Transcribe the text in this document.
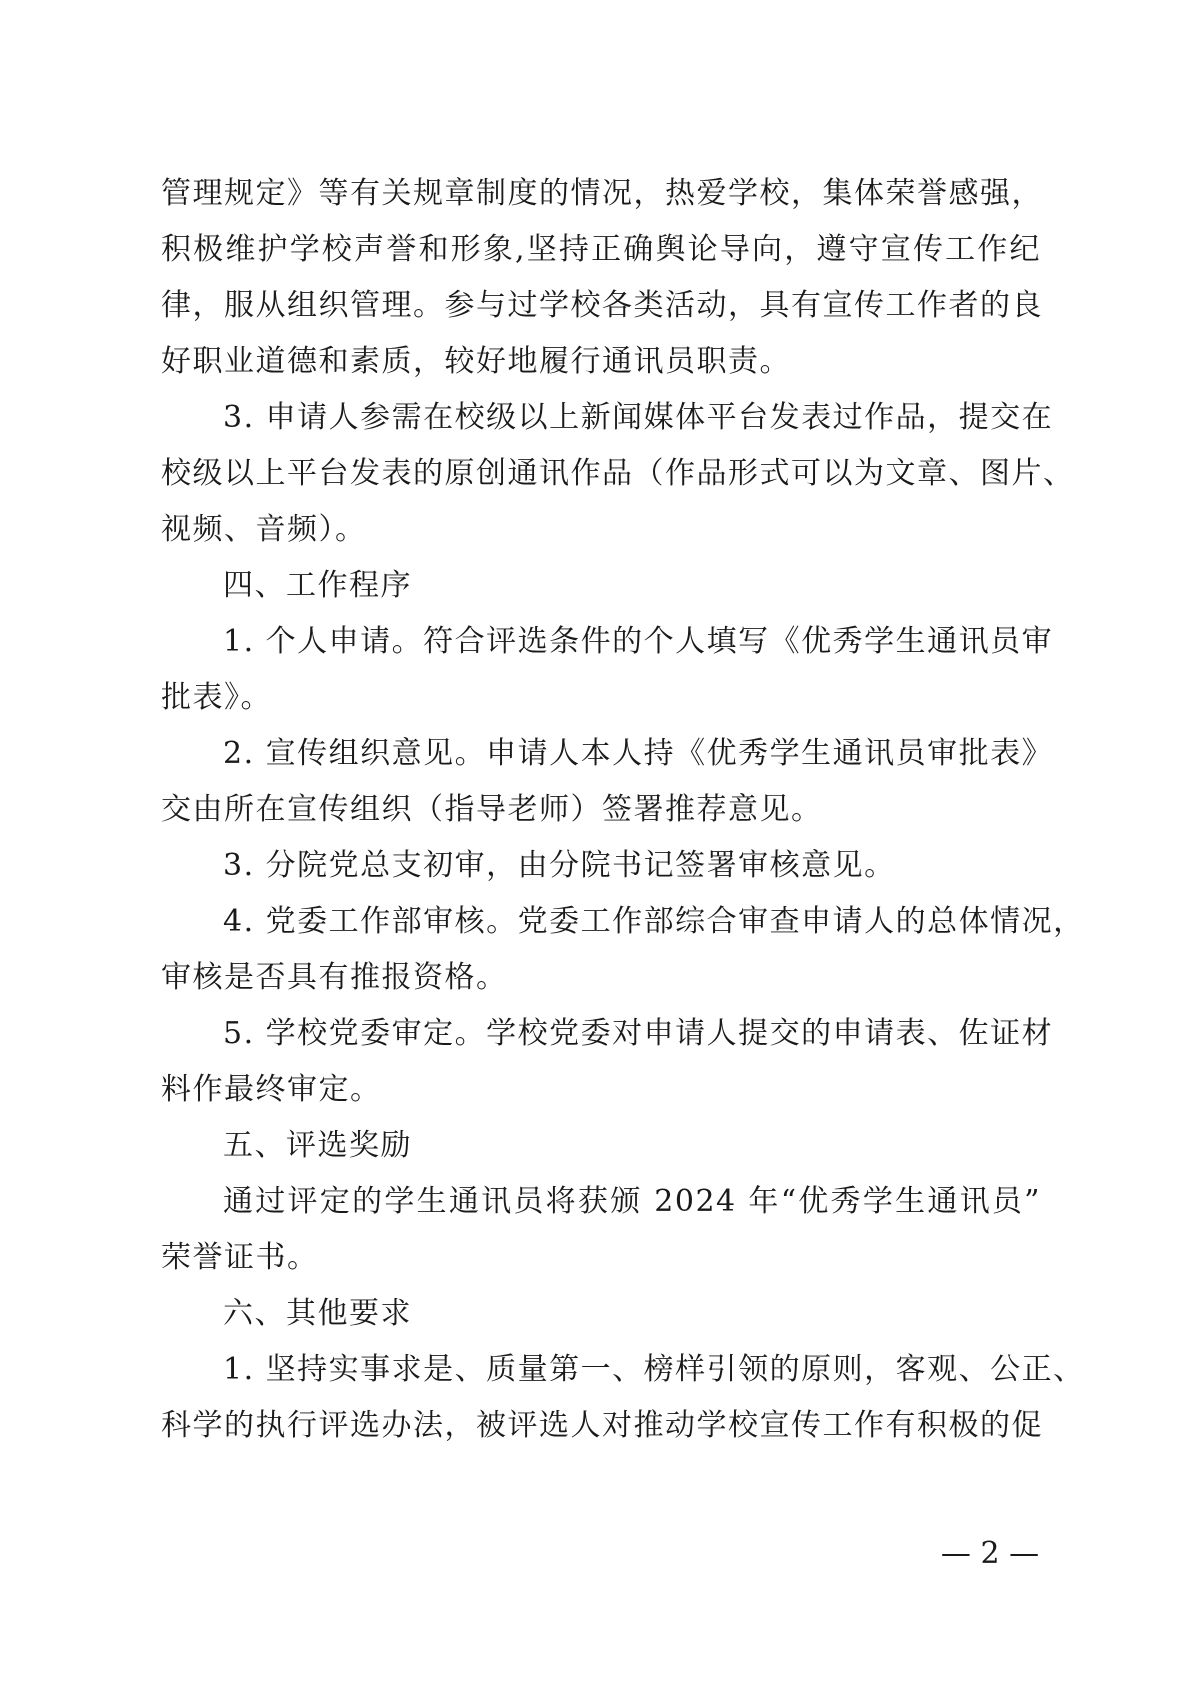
管理规定》等有关规章制度的情况，热爱学校，集体荣誉感强，
积极维护学校声誉和形象,坚持正确舆论导向，遵守宣传工作纪
律，服从组织管理。参与过学校各类活动，具有宣传工作者的良
好职业道德和素质，较好地履行通讯员职责。
3. 申请人参需在校级以上新闻媒体平台发表过作品，提交在
校级以上平台发表的原创通讯作品（作品形式可以为文章、图片、
视频、音频）。
四、工作程序
1. 个人申请。符合评选条件的个人填写《优秀学生通讯员审
批表》。
2. 宣传组织意见。申请人本人持《优秀学生通讯员审批表》
交由所在宣传组织（指导老师）签署推荐意见。
3. 分院党总支初审，由分院书记签署审核意见。
4. 党委工作部审核。党委工作部综合审查申请人的总体情况，
审核是否具有推报资格。
5. 学校党委审定。学校党委对申请人提交的申请表、佐证材
料作最终审定。
五、评选奖励
通过评定的学生通讯员将获颁 2024 年“优秀学生通讯员”
荣誉证书。
六、其他要求
1. 坚持实事求是、质量第一、榜样引领的原则，客观、公正、
科学的执行评选办法，被评选人对推动学校宣传工作有积极的促
— 2 —
